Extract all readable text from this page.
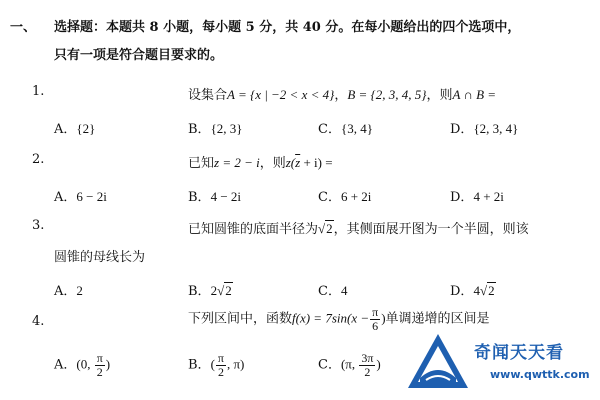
一、 选择题：本题共 8 小题，每小题 5 分，共 40 分。在每小题给出的四个选项中，
只有一项是符合题目要求的。
1.	设集合A = {x | −2 < x < 4}，B = {2, 3, 4, 5}，则A ∩ B =
A．{2}	B．{2, 3}	C．{3, 4}	D．{2, 3, 4}
2.	已知z = 2 − i，则$z(\overline{z} + i)$ =
A．6 − 2i	B．4 − 2i	C．6 + 2i	D．4 + 2i
3.	已知圆锥的底面半径为√2，其侧面展开图为一个半圆，则该
圆锥的母线长为
A．2	B．2√2	C．4	D．4√2
4.	下列区间中，函数$f(x) = 7\sin(x - \frac{\pi}{6}$ )单调递增的区间是
A．(0, $\frac{\pi}{2}$ )	B．( $\frac{\pi}{2}$ , π)	C．(π, $\frac{3\pi}{2}$ )
奇闻天天看
www.qwttk.com
